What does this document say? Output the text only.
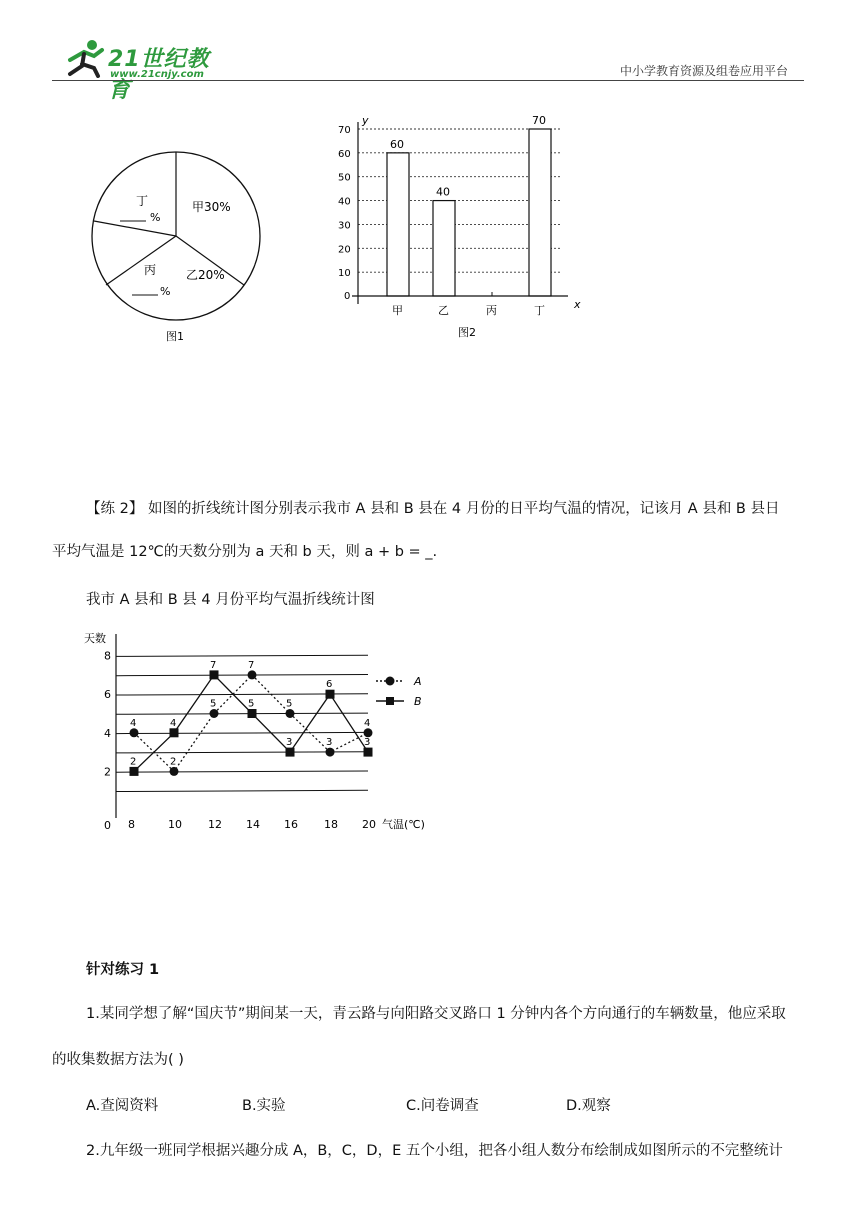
21世纪教育
www.21cnjy.com	中小学教育资源及组卷应用平台
甲30%
乙20%
丁
%
丙
%
图1
y
x
0
图2
70
60
50
40
30
20
10
甲
60
乙
40
丙	丁
70
【练 2】 如图的折线统计图分别表示我市 A 县和 B 县在 4 月份的日平均气温的情况，记该月 A 县和 B 县日
平均气温是 12℃的天数分别为 a 天和 b 天，则 a + b = _.
我市 A 县和 B 县 4 月份平均气温折线统计图
天数
气温(℃)
0
8
6
4
2
8	10 12 14 16 18 20
4
2
5
7
5
3
4
2
4
7
5
3
6
3
A
B
针对练习 1
1.某同学想了解“国庆节”期间某一天，青云路与向阳路交叉路口 1 分钟内各个方向通行的车辆数量，他应采取
的收集数据方法为( )
A.查阅资料	B.实验	C.问卷调查	D.观察
2.九年级一班同学根据兴趣分成 A，B，C，D，E 五个小组，把各小组人数分布绘制成如图所示的不完整统计
